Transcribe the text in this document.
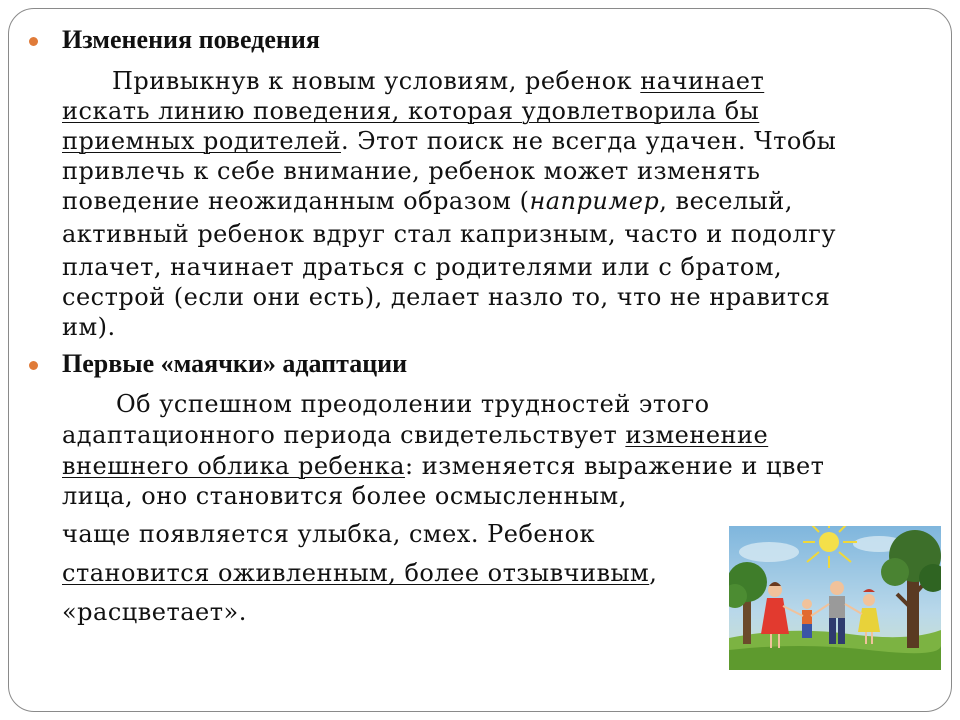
Изменения поведения
Привыкнув к новым условиям, ребенок начинает
искать линию поведения, которая удовлетворила бы
приемных родителей. Этот поиск не всегда удачен. Чтобы
привлечь к себе внимание, ребенок может изменять
поведение неожиданным образом (например, веселый,
активный ребенок вдруг стал капризным, часто и подолгу
плачет, начинает драться с родителями или с братом,
сестрой (если они есть), делает назло то, что не нравится
им).
Первые «маячки» адаптации
Об успешном преодолении трудностей этого
адаптационного периода свидетельствует изменение
внешнего облика ребенка: изменяется выражение и цвет
лица, оно становится более осмысленным,
чаще появляется улыбка, смех. Ребенок
становится оживленным, более отзывчивым,
«расцветает».
